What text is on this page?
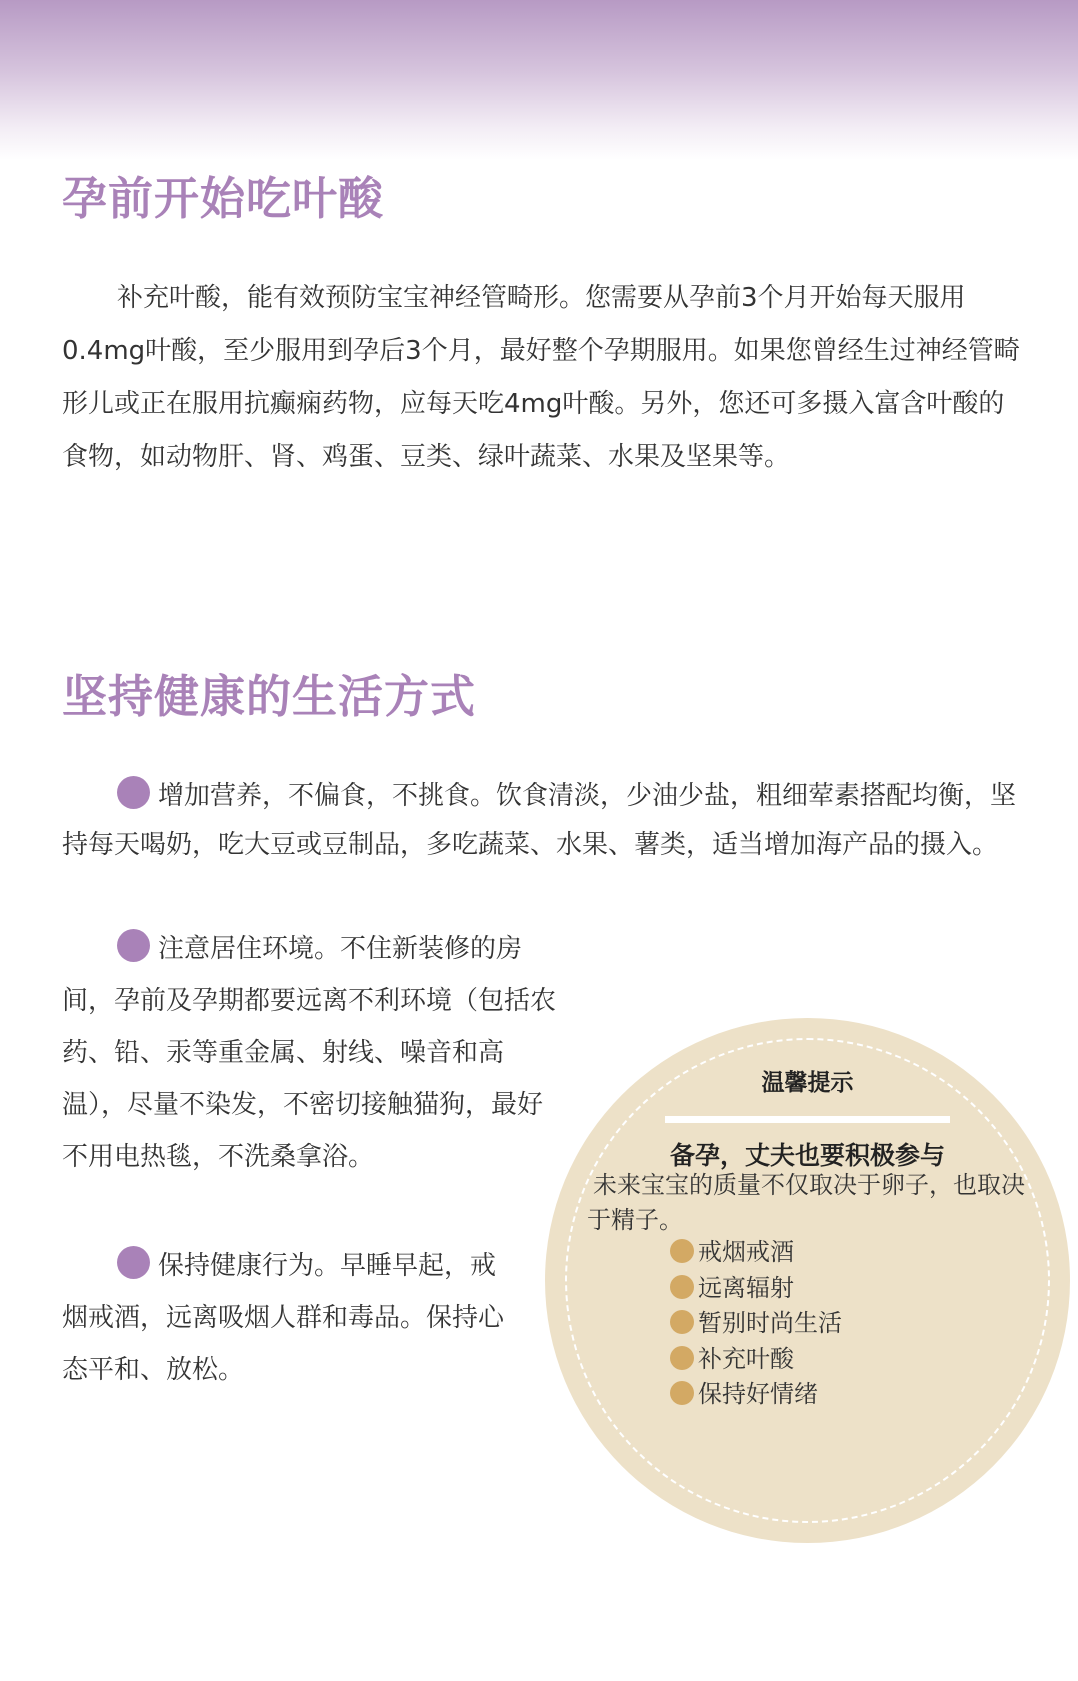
孕前开始吃叶酸

补充叶酸，能有效预防宝宝神经管畸形。您需要从孕前3个月开始每天服用0.4mg叶酸，至少服用到孕后3个月，最好整个孕期服用。如果您曾经生过神经管畸形儿或正在服用抗癫痫药物，应每天吃4mg叶酸。另外，您还可多摄入富含叶酸的食物，如动物肝、肾、鸡蛋、豆类、绿叶蔬菜、水果及坚果等。

坚持健康的生活方式

增加营养，不偏食，不挑食。饮食清淡，少油少盐，粗细荤素搭配均衡，坚持每天喝奶，吃大豆或豆制品，多吃蔬菜、水果、薯类，适当增加海产品的摄入。

注意居住环境。不住新装修的房间，孕前及孕期都要远离不利环境（包括农药、铅、汞等重金属、射线、噪音和高温），尽量不染发，不密切接触猫狗，最好不用电热毯，不洗桑拿浴。

保持健康行为。早睡早起，戒烟戒酒，远离吸烟人群和毒品。保持心态平和、放松。

温馨提示

备孕，丈夫也要积极参与

未来宝宝的质量不仅取决于卵子，也取决于精子。

戒烟戒酒
远离辐射
暂别时尚生活
补充叶酸
保持好情绪
